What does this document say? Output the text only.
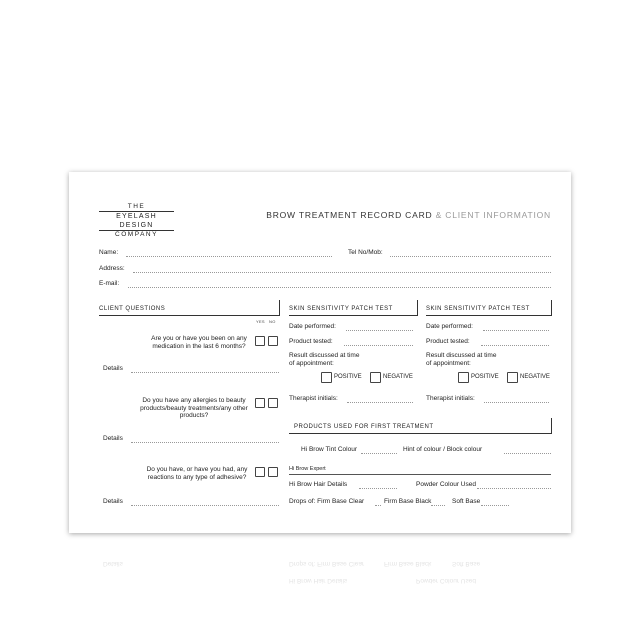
THE
EYELASH DESIGN
COMPANY
BROW TREATMENT RECORD CARD & CLIENT INFORMATION
Name:	Tel No/Mob:
Address:
E-mail:
CLIENT QUESTIONS
YES NO
Are you or have you been on any medication in the last 6 months?
Details
Do you have any allergies to beauty products/beauty treatments/any other products?
Details
Do you have, or have you had, any reactions to any type of adhesive?
Details
SKIN SENSITIVITY PATCH TEST
Date performed:
Product tested:
Result discussed at time
of appointment:
POSITIVE	NEGATIVE
Therapist initials:
SKIN SENSITIVITY PATCH TEST
Date performed:
Product tested:
Result discussed at time
of appointment:
POSITIVE	NEGATIVE
Therapist initials:
PRODUCTS USED FOR FIRST TREATMENT
Hi Brow Tint Colour	Hint of colour / Block colour
Hi Brow Expert
Hi Brow Hair Details	Powder Colour Used
Drops of: Firm Base Clear	Firm Base Black	Soft Base
Details	Drops of: Firm Base Clear	Firm Base Black	Soft Base
Hi Brow Hair Details	Powder Colour Used
